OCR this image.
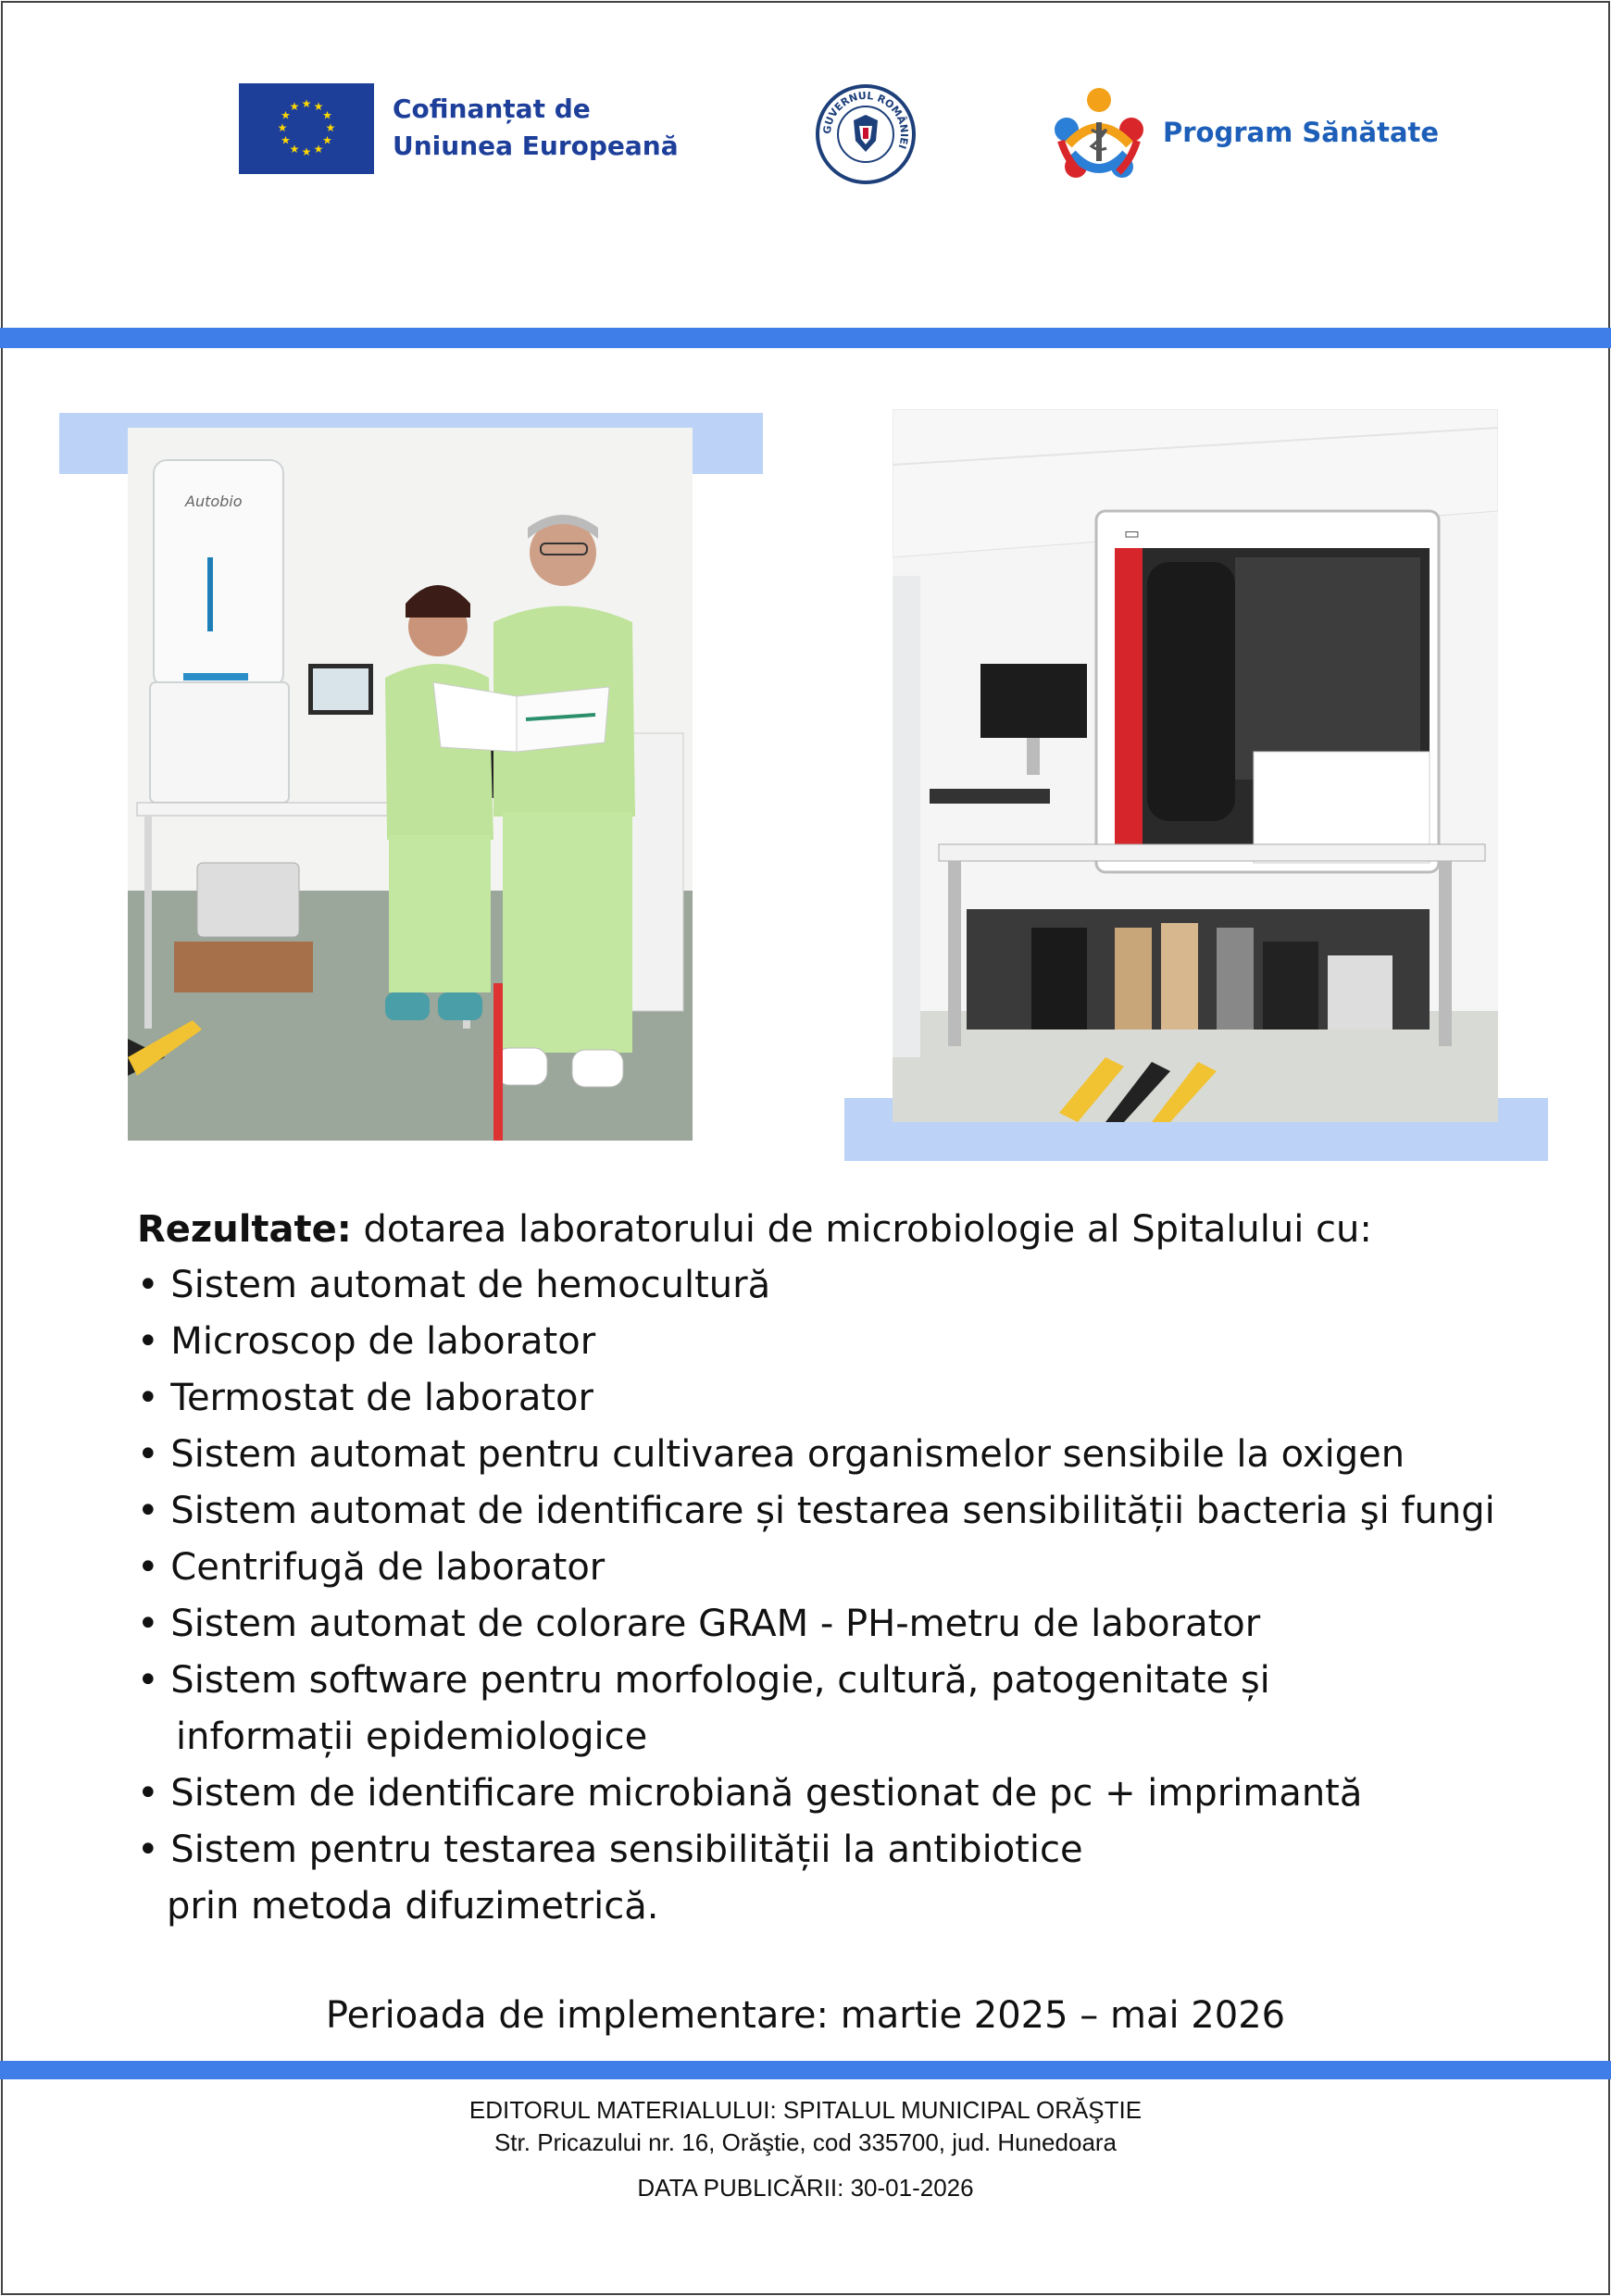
★ ★
★
★
★
★
★
★
★
★
★
★	Cofinanțat de
Uniunea Europeană
GUVERNUL ROMÂNIEI	Program Sănătate
Autobio
▭
Rezultate: dotarea laboratorului de microbiologie al Spitalului cu:
• Sistem automat de hemocultură
• Microscop de laborator
• Termostat de laborator
• Sistem automat pentru cultivarea organismelor sensibile la oxigen
• Sistem automat de identificare și testarea sensibilității bacteria şi fungi
• Centrifugă de laborator
• Sistem automat de colorare GRAM - PH-metru de laborator
• Sistem software pentru morfologie, cultură, patogenitate și
informații epidemiologice
• Sistem de identificare microbiană gestionat de pc + imprimantă
• Sistem pentru testarea sensibilității la antibiotice
prin metoda difuzimetrică.
Perioada de implementare: martie 2025 – mai 2026
EDITORUL MATERIALULUI: SPITALUL MUNICIPAL ORĂŞTIE
Str. Pricazului nr. 16, Orăştie, cod 335700, jud. Hunedoara
DATA PUBLICĂRII: 30-01-2026
